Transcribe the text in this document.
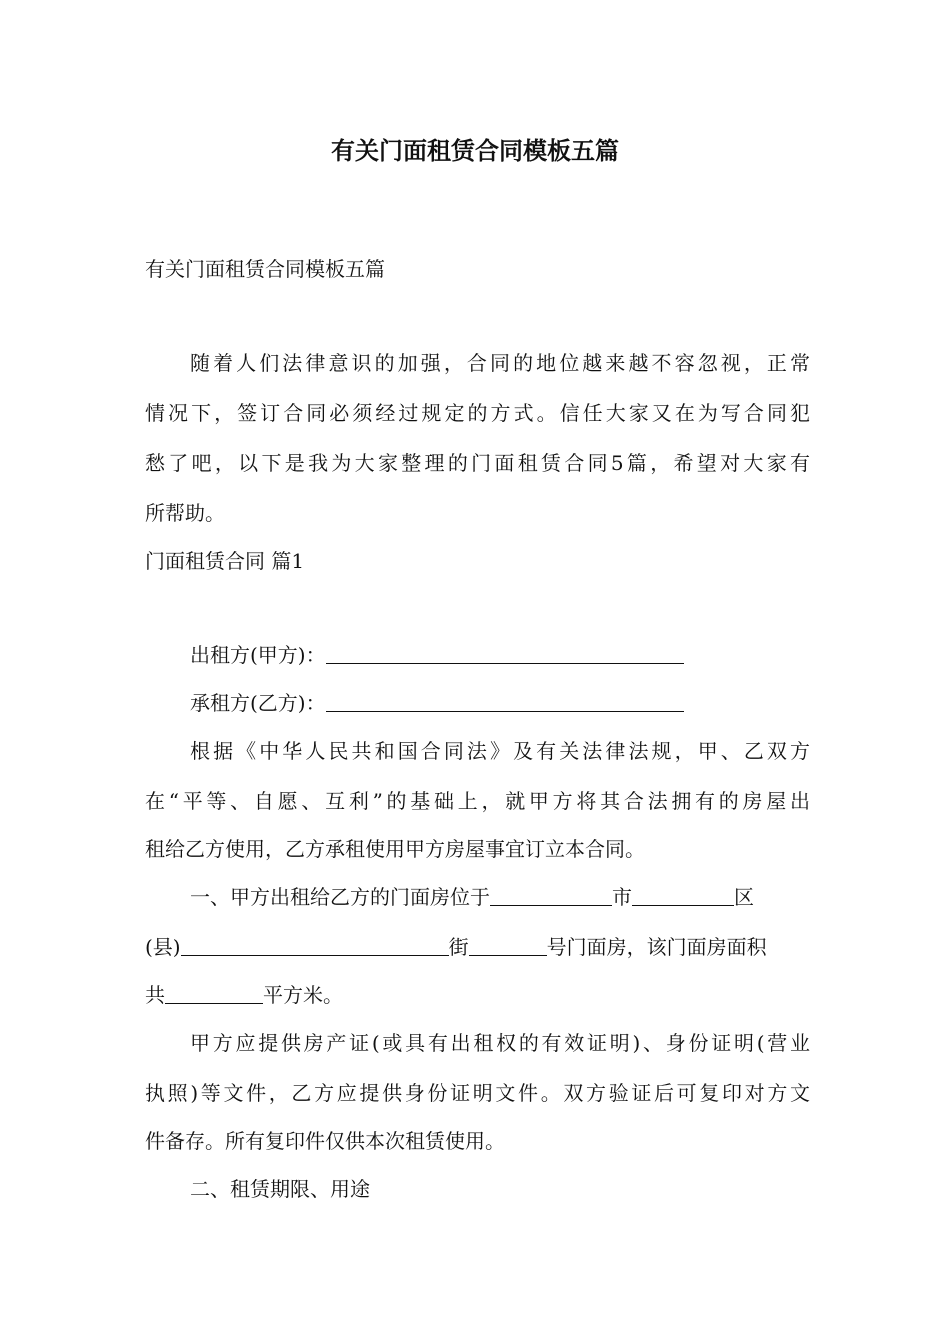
有关门面租赁合同模板五篇
有关门面租赁合同模板五篇
随着人们法律意识的加强，合同的地位越来越不容忽视，正常
情况下，签订合同必须经过规定的方式。信任大家又在为写合同犯
愁了吧，以下是我为大家整理的门面租赁合同5篇，希望对大家有
所帮助。
门面租赁合同 篇1
出租方(甲方)：
承租方(乙方)：
根据《中华人民共和国合同法》及有关法律法规，甲、乙双方
在“平等、自愿、互利”的基础上，就甲方将其合法拥有的房屋出
租给乙方使用，乙方承租使用甲方房屋事宜订立本合同。
一、甲方出租给乙方的门面房位于	市	区
(县)	街	号门面房，该门面房面积
共	平方米。
甲方应提供房产证(或具有出租权的有效证明)、身份证明(营业
执照)等文件，乙方应提供身份证明文件。双方验证后可复印对方文
件备存。所有复印件仅供本次租赁使用。
二、租赁期限、用途
